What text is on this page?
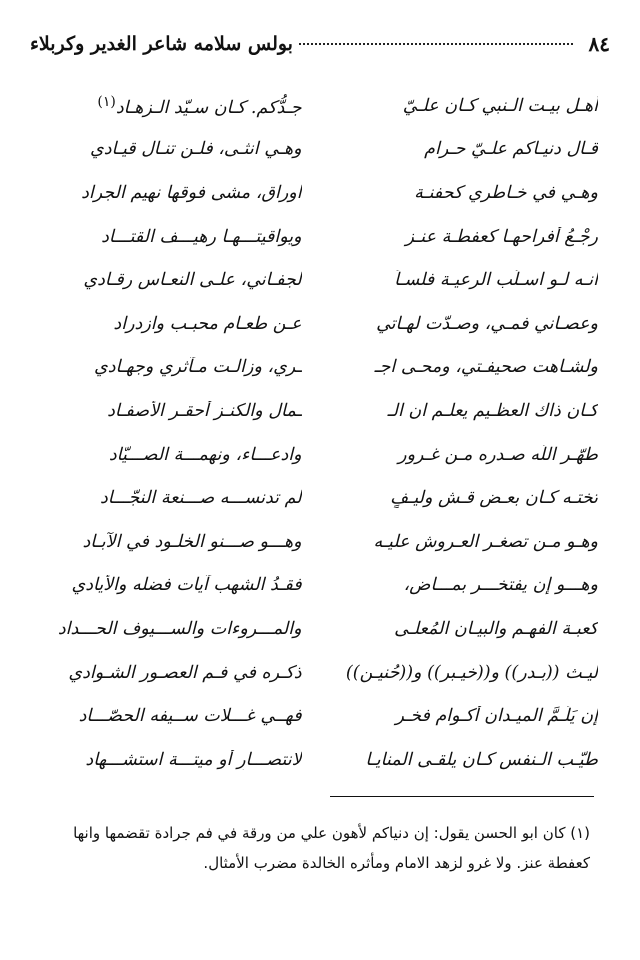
٨٤
بولس سلامه شاعر الغدير وكربلاء
أهـل بيـت الـنبي كـان علـيّ
جـدُّكم. كـان سـيّد الـزهـاد$^{(١)}$
قـال دنيـاكم علـيّ حـرام
وهـي انثـى، فلـن تنـال قيـادي
وهـي في خـاطري كحفنـة
اوراق، مشى فوقها نهيم الجراد
رجْـعُ أفراحهـا كعفطـة عنـز
ويواقيتـــهـا رهيـــف القتـــاد
انـه لـو اسـلُب الرعيـة فلسـاً
لجفـاني، علـى النعـاس رقـادي
وعصـاني فمـي، وصـدّت لهـاتي
عـن طعـام محبـب وازدراد
ولشـاهت صحيفـتي، ومحـى اجـ
ـري، وزالـت مـآثري وجهـادي
كـان ذاك العظـيم يعلـم ان الـ
ـمال والكنـز أحقـر الأصفـاد
طهّـر اللّه صـدره مـن غـرور
وادعـــاء، ونهمـــة الصـــيّاد
تختـه كـان بعـض قـشٍ وليـفٍ
لم تدنســـه صـــنعة النجّـــاد
وهـو مـن تصغـر العـروش عليـه
وهـــو صـــنو الخلـود في الآبـاد
وهـــو إن يفتخـــر بمـــاض،
فقـدُ الشهب آيات فضله والأيادي
كعبـة الفهـم والبيـان المُعلـى
والمـــروءات والســـيوف الحـــداد
ليـث ((بـدر)) و((خيـبر)) و((حُنيـن))
ذكـره في فـم العصـور الشـوادي
إن يَلُـمَّ الميـدان أكـوام فخـر
فهــي غـــلات ســيفه الحصّـــاد
طيّـب الـنفس كـان يلقـى المنايـا
لانتصـــارٍ أو ميتـــة استشـــهاد
(١) كان ابو الحسن يقول: إن دنياكم لأهون علي من ورقة في فم جرادة تقضمها وانها كعفطة عنز. ولا غرو لزهد الامام ومأثره الخالدة مضرب الأمثال.
